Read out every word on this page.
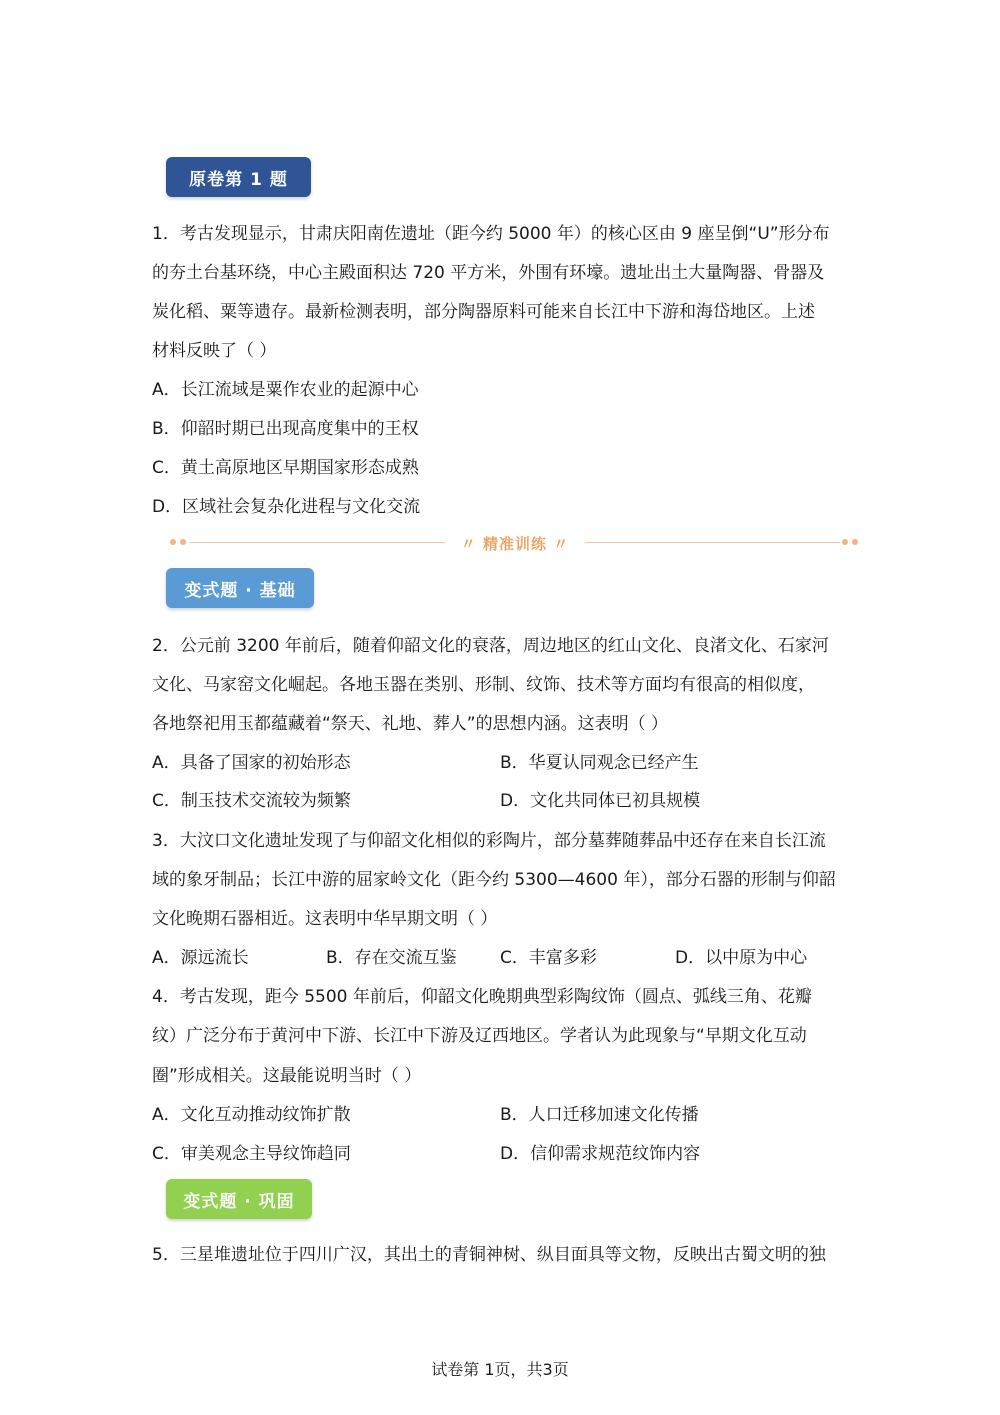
原卷第 1 题
1．考古发现显示，甘肃庆阳南佐遗址（距今约 5000 年）的核心区由 9 座呈倒“U”形分布
的夯土台基环绕，中心主殿面积达 720 平方米，外围有环壕。遗址出土大量陶器、骨器及
炭化稻、粟等遗存。最新检测表明，部分陶器原料可能来自长江中下游和海岱地区。上述
材料反映了（ ）
A．长江流域是粟作农业的起源中心
B．仰韶时期已出现高度集中的王权
C．黄土高原地区早期国家形态成熟
D．区域社会复杂化进程与文化交流
〃 精准训练 〃
变式题 · 基础
2．公元前 3200 年前后，随着仰韶文化的衰落，周边地区的红山文化、良渚文化、石家河
文化、马家窑文化崛起。各地玉器在类别、形制、纹饰、技术等方面均有很高的相似度，
各地祭祀用玉都蕴藏着“祭天、礼地、葬人”的思想内涵。这表明（ ）
A．具备了国家的初始形态	B．华夏认同观念已经产生
C．制玉技术交流较为频繁	D．文化共同体已初具规模
3．大汶口文化遗址发现了与仰韶文化相似的彩陶片，部分墓葬随葬品中还存在来自长江流
域的象牙制品；长江中游的屈家岭文化（距今约 5300—4600 年），部分石器的形制与仰韶
文化晚期石器相近。这表明中华早期文明（ ）
A．源远流长	B．存在交流互鉴	C．丰富多彩	D．以中原为中心
4．考古发现，距今 5500 年前后，仰韶文化晚期典型彩陶纹饰（圆点、弧线三角、花瓣
纹）广泛分布于黄河中下游、长江中下游及辽西地区。学者认为此现象与“早期文化互动
圈”形成相关。这最能说明当时（ ）
A．文化互动推动纹饰扩散	B．人口迁移加速文化传播
C．审美观念主导纹饰趋同	D．信仰需求规范纹饰内容
变式题 · 巩固
5．三星堆遗址位于四川广汉，其出土的青铜神树、纵目面具等文物，反映出古蜀文明的独
试卷第 1页，共3页
